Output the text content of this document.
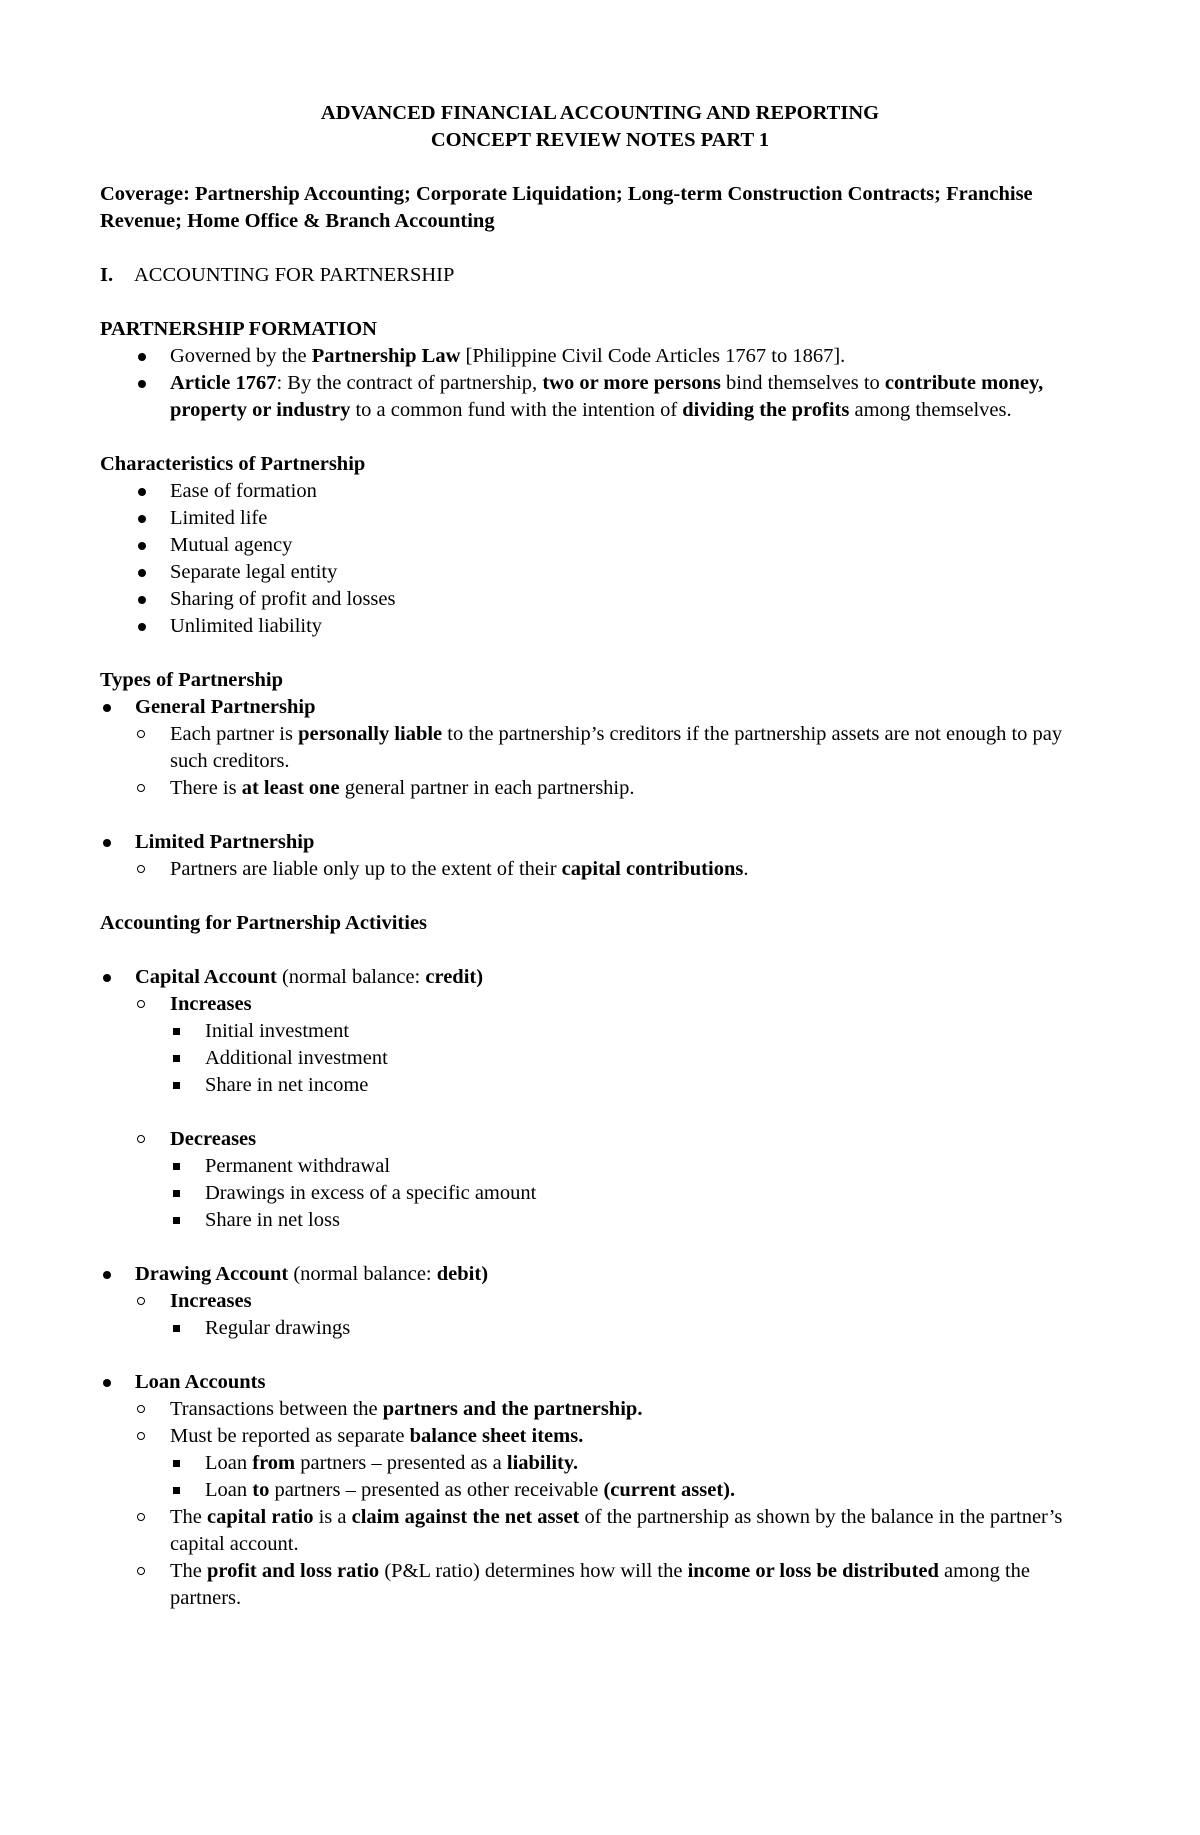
ADVANCED FINANCIAL ACCOUNTING AND REPORTING

CONCEPT REVIEW NOTES PART 1

Coverage: Partnership Accounting; Corporate Liquidation; Long-term Construction Contracts; Franchise Revenue; Home Office & Branch Accounting

I. ACCOUNTING FOR PARTNERSHIP

PARTNERSHIP FORMATION

Governed by the Partnership Law [Philippine Civil Code Articles 1767 to 1867].
Article 1767: By the contract of partnership, two or more persons bind themselves to contribute money, property or industry to a common fund with the intention of dividing the profits among themselves.

Characteristics of Partnership

Ease of formation
Limited life
Mutual agency
Separate legal entity
Sharing of profit and losses
Unlimited liability

Types of Partnership

General Partnership
Each partner is personally liable to the partnership’s creditors if the partnership assets are not enough to pay such creditors.
There is at least one general partner in each partnership.
Limited Partnership
Partners are liable only up to the extent of their capital contributions.

Accounting for Partnership Activities

Capital Account (normal balance: credit)
Increases
Initial investment
Additional investment
Share in net income
Decreases
Permanent withdrawal
Drawings in excess of a specific amount
Share in net loss
Drawing Account (normal balance: debit)
Increases
Regular drawings
Loan Accounts
Transactions between the partners and the partnership.
Must be reported as separate balance sheet items.
Loan from partners – presented as a liability.
Loan to partners – presented as other receivable (current asset).
The capital ratio is a claim against the net asset of the partnership as shown by the balance in the partner’s capital account.
The profit and loss ratio (P&L ratio) determines how will the income or loss be distributed among the partners.
